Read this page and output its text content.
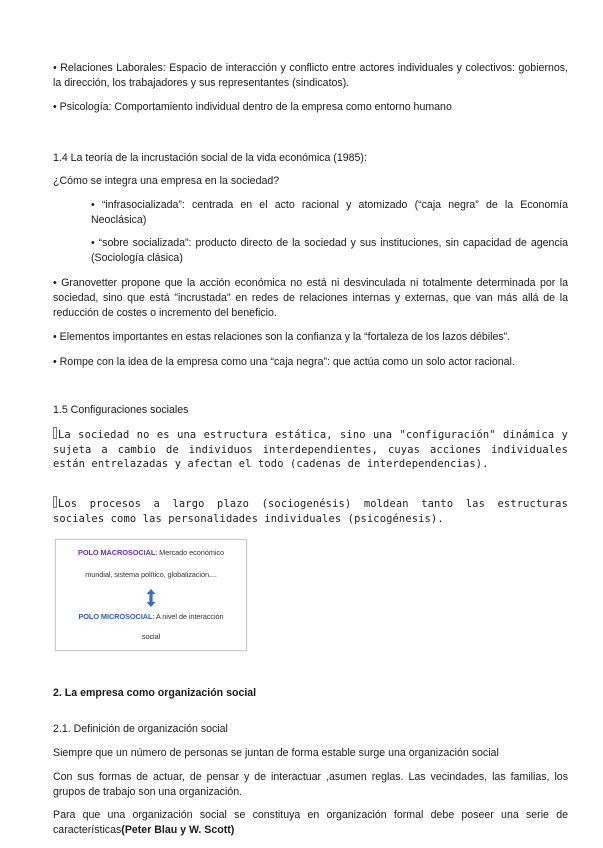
• Relaciones Laborales: Espacio de interacción y conflicto entre actores individuales y colectivos: gobiernos, la dirección, los trabajadores y sus representantes (sindicatos).

• Psicología: Comportamiento individual dentro de la empresa como entorno humano

1.4 La teoría de la incrustación social de la vida económica (1985):

¿Cómo se integra una empresa en la sociedad?

• “infrasocializada”: centrada en el acto racional y atomizado (“caja negra” de la Economía Neoclásica)

• “sobre socializada”: producto directo de la sociedad y sus instituciones, sin capacidad de agencia (Sociología clásica)

• Granovetter propone que la acción económica no está ni desvinculada ni totalmente determinada por la sociedad, sino que está "incrustada" en redes de relaciones internas y externas, que van más allá de la reducción de costes o incremento del beneficio.

• Elementos importantes en estas relaciones son la confianza y la “fortaleza de los lazos débiles”.

• Rompe con la idea de la empresa como una “caja negra”: que actúa como un solo actor racional.

1.5 Configuraciones sociales

La sociedad no es una estructura estática, sino una "configuración" dinámica y sujeta a cambio de individuos interdependientes, cuyas acciones individuales están entrelazadas y afectan el todo (cadenas de interdependencias).

Los procesos a largo plazo (sociogenésis) moldean tanto las estructuras sociales como las personalidades individuales (psicogénesis).

POLO MACROSOCIAL: Mercado económico
mundial, sistema político, globalización....
POLO MICROSOCIAL: A nivel de interacción
social

2. La empresa como organización social

2.1. Definición de organización social

Siempre que un número de personas se juntan de forma estable surge una organización social

Con sus formas de actuar, de pensar y de interactuar ,asumen reglas. Las vecindades, las familias, los grupos de trabajo son una organización.

Para que una organización social se constituya en organización formal debe poseer una serie de características(Peter Blau y W. Scott)
